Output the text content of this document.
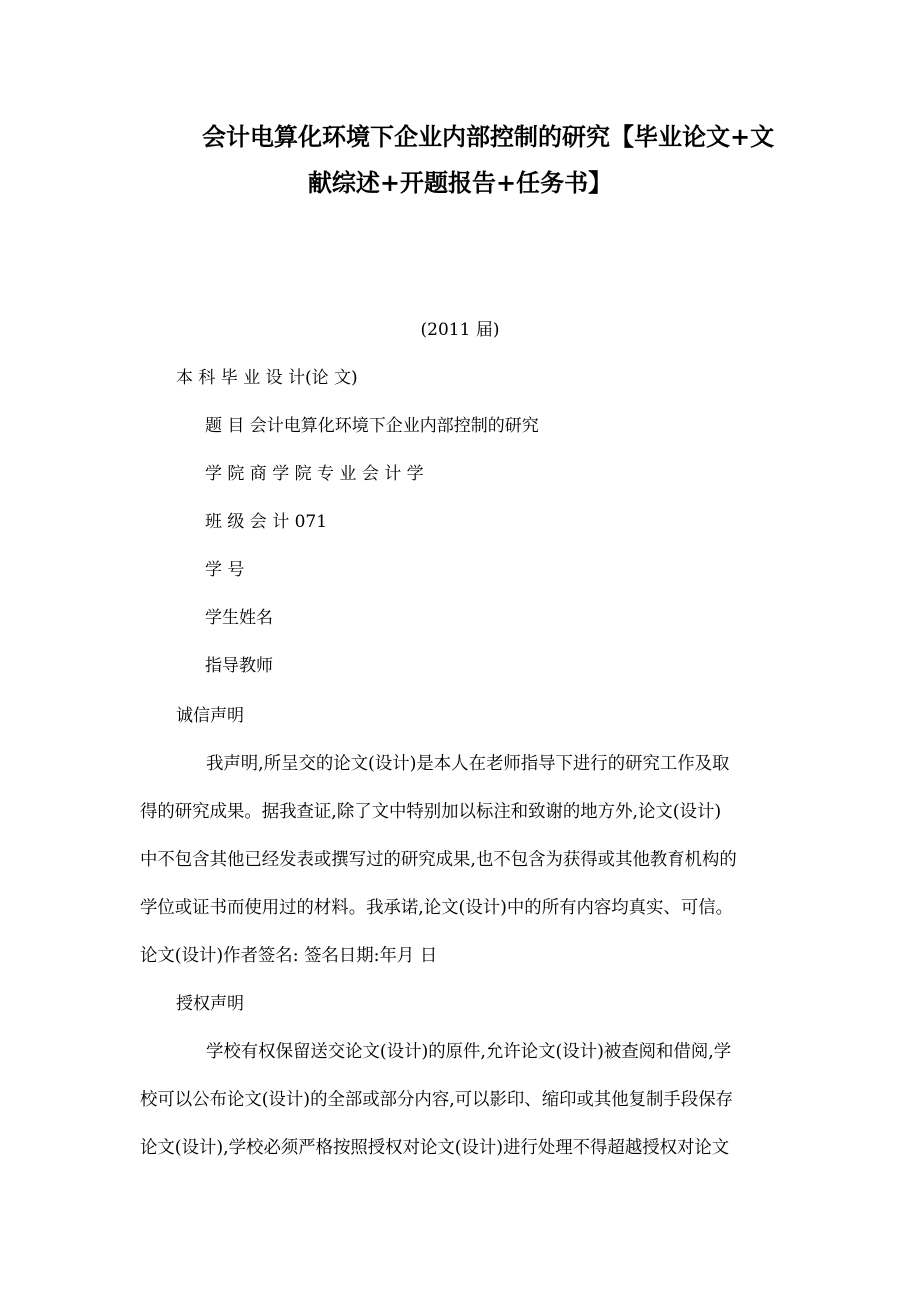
会计电算化环境下企业内部控制的研究【毕业论文+文
献综述+开题报告+任务书】
(2011 届)
本 科 毕 业 设 计(论 文)
题 目 会计电算化环境下企业内部控制的研究
学 院 商 学 院 专 业 会 计 学
班 级 会 计 071
学 号
学生姓名
指导教师
诚信声明
我声明,所呈交的论文(设计)是本人在老师指导下进行的研究工作及取
得的研究成果。据我查证,除了文中特别加以标注和致谢的地方外,论文(设计)
中不包含其他已经发表或撰写过的研究成果,也不包含为获得或其他教育机构的
学位或证书而使用过的材料。我承诺,论文(设计)中的所有内容均真实、可信。
论文(设计)作者签名: 签名日期:年月 日
授权声明
学校有权保留送交论文(设计)的原件,允许论文(设计)被查阅和借阅,学
校可以公布论文(设计)的全部或部分内容,可以影印、缩印或其他复制手段保存
论文(设计),学校必须严格按照授权对论文(设计)进行处理不得超越授权对论文
